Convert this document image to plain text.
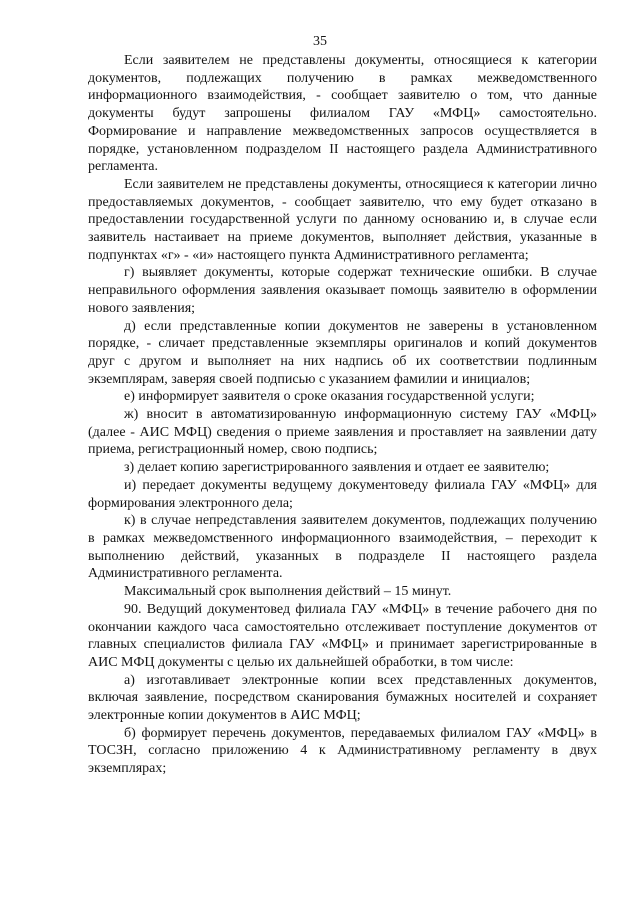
35

Если заявителем не представлены документы, относящиеся к категории документов, подлежащих получению в рамках межведомственного информационного взаимодействия, - сообщает заявителю о том, что данные документы будут запрошены филиалом ГАУ «МФЦ» самостоятельно. Формирование и направление межведомственных запросов осуществляется в порядке, установленном подразделом II настоящего раздела Административного регламента.

Если заявителем не представлены документы, относящиеся к категории лично предоставляемых документов, - сообщает заявителю, что ему будет отказано в предоставлении государственной услуги по данному основанию и, в случае если заявитель настаивает на приеме документов, выполняет действия, указанные в подпунктах «г» - «и» настоящего пункта Административного регламента;

г) выявляет документы, которые содержат технические ошибки. В случае неправильного оформления заявления оказывает помощь заявителю в оформлении нового заявления;

д) если представленные копии документов не заверены в установленном порядке, - сличает представленные экземпляры оригиналов и копий документов друг с другом и выполняет на них надпись об их соответствии подлинным экземплярам, заверяя своей подписью с указанием фамилии и инициалов;

е) информирует заявителя о сроке оказания государственной услуги;

ж) вносит в автоматизированную информационную систему ГАУ «МФЦ» (далее - АИС МФЦ) сведения о приеме заявления и проставляет на заявлении дату приема, регистрационный номер, свою подпись;

з) делает копию зарегистрированного заявления и отдает ее заявителю;

и) передает документы ведущему документоведу филиала ГАУ «МФЦ» для формирования электронного дела;

к) в случае непредставления заявителем документов, подлежащих получению в рамках межведомственного информационного взаимодействия, – переходит к выполнению действий, указанных в подразделе II настоящего раздела Административного регламента.

Максимальный срок выполнения действий – 15 минут.

90. Ведущий документовед филиала ГАУ «МФЦ» в течение рабочего дня по окончании каждого часа самостоятельно отслеживает поступление документов от главных специалистов филиала ГАУ «МФЦ» и принимает зарегистрированные в АИС МФЦ документы с целью их дальнейшей обработки, в том числе:

а) изготавливает электронные копии всех представленных документов, включая заявление, посредством сканирования бумажных носителей и сохраняет электронные копии документов в АИС МФЦ;

б) формирует перечень документов, передаваемых филиалом ГАУ «МФЦ» в ТОСЗН, согласно приложению 4 к Административному регламенту в двух экземплярах;
